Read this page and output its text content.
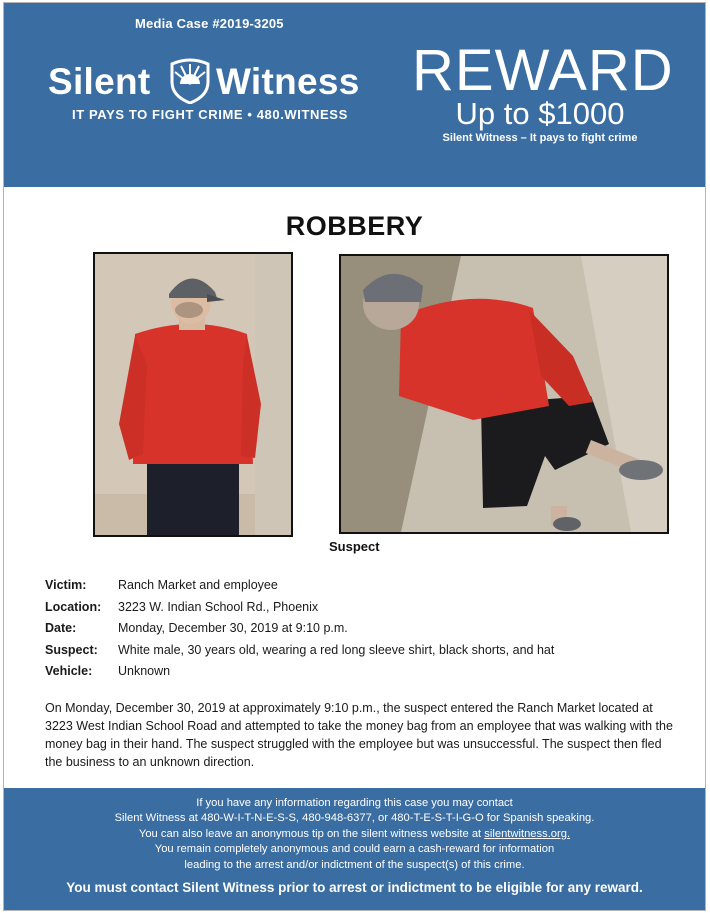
Media Case #2019-3205
Silent Witness
IT PAYS TO FIGHT CRIME • 480.WITNESS
REWARD
Up to $1000
Silent Witness – It pays to fight crime
ROBBERY
Suspect
Victim:	Ranch Market and employee
Location: 3223 W. Indian School Rd., Phoenix
Date:	Monday, December 30, 2019 at 9:10 p.m.
Suspect: White male, 30 years old, wearing a red long sleeve shirt, black shorts, and hat
Vehicle: Unknown
On Monday, December 30, 2019 at approximately 9:10 p.m., the suspect entered the Ranch Market located at 3223 West Indian School Road and attempted to take the money bag from an employee that was walking with the money bag in their hand. The suspect struggled with the employee but was unsuccessful. The suspect then fled the business to an unknown direction.
If you have any information regarding this case you may contact
Silent Witness at 480-W-I-T-N-E-S-S, 480-948-6377, or 480-T-E-S-T-I-G-O for Spanish speaking.
You can also leave an anonymous tip on the silent witness website at silentwitness.org.
You remain completely anonymous and could earn a cash-reward for information
leading to the arrest and/or indictment of the suspect(s) of this crime.
You must contact Silent Witness prior to arrest or indictment to be eligible for any reward.
